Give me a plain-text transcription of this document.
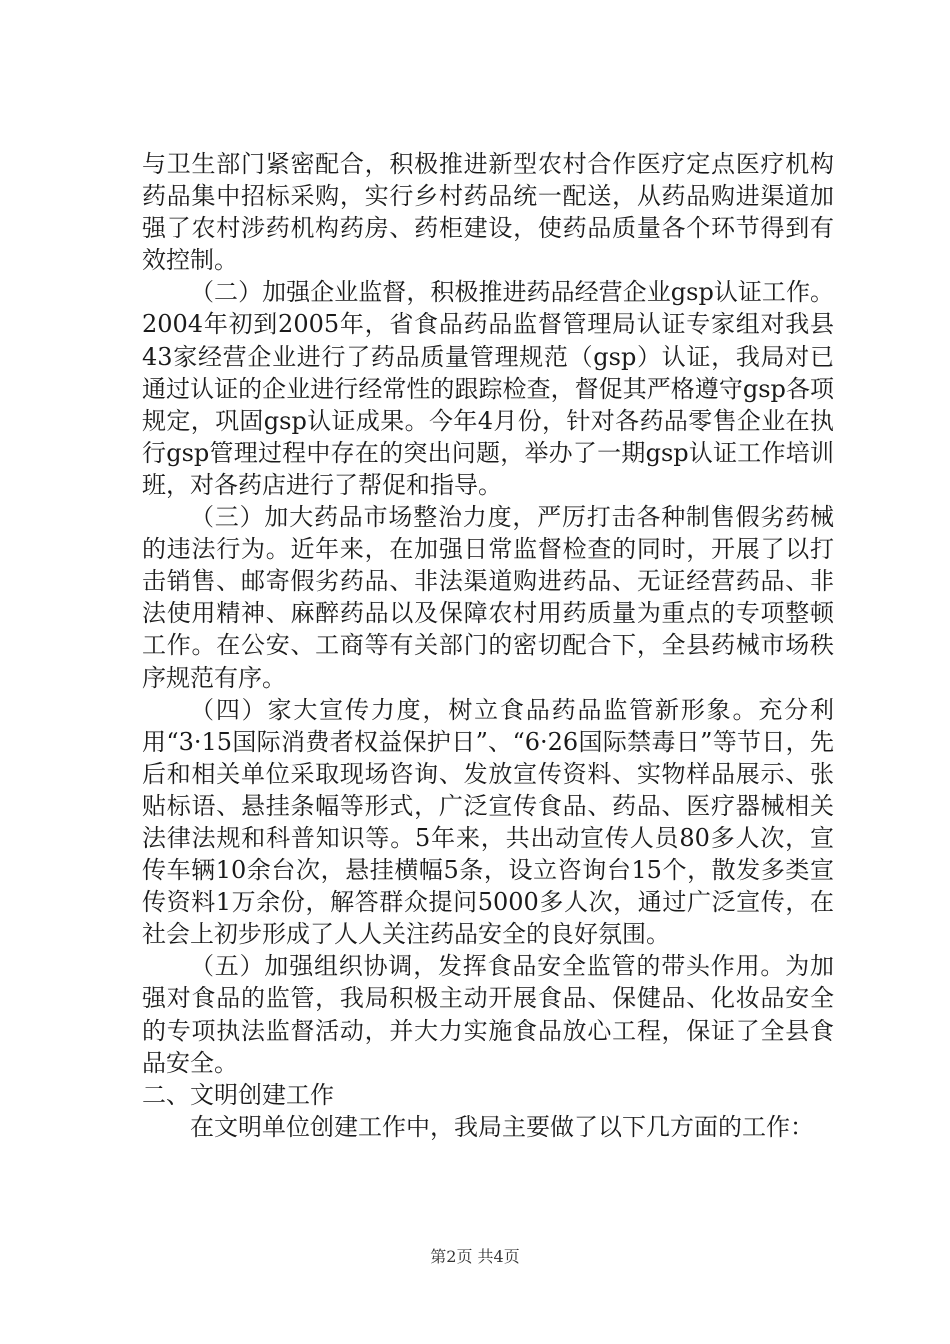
与卫生部门紧密配合，积极推进新型农村合作医疗定点医疗机构药品集中招标采购，实行乡村药品统一配送，从药品购进渠道加强了农村涉药机构药房、药柜建设，使药品质量各个环节得到有效控制。

（二）加强企业监督，积极推进药品经营企业gsp认证工作。2004年初到2005年，省食品药品监督管理局认证专家组对我县43家经营企业进行了药品质量管理规范（gsp）认证，我局对已通过认证的企业进行经常性的跟踪检查，督促其严格遵守gsp各项规定，巩固gsp认证成果。今年4月份，针对各药品零售企业在执行gsp管理过程中存在的突出问题，举办了一期gsp认证工作培训班，对各药店进行了帮促和指导。

（三）加大药品市场整治力度，严厉打击各种制售假劣药械的违法行为。近年来，在加强日常监督检查的同时，开展了以打击销售、邮寄假劣药品、非法渠道购进药品、无证经营药品、非法使用精神、麻醉药品以及保障农村用药质量为重点的专项整顿工作。在公安、工商等有关部门的密切配合下，全县药械市场秩序规范有序。

（四）家大宣传力度，树立食品药品监管新形象。充分利用“3·15国际消费者权益保护日”、“6·26国际禁毒日”等节日，先后和相关单位采取现场咨询、发放宣传资料、实物样品展示、张贴标语、悬挂条幅等形式，广泛宣传食品、药品、医疗器械相关法律法规和科普知识等。5年来，共出动宣传人员80多人次，宣传车辆10余台次，悬挂横幅5条，设立咨询台15个，散发多类宣传资料1万余份，解答群众提问5000多人次，通过广泛宣传，在社会上初步形成了人人关注药品安全的良好氛围。

（五）加强组织协调，发挥食品安全监管的带头作用。为加强对食品的监管，我局积极主动开展食品、保健品、化妆品安全的专项执法监督活动，并大力实施食品放心工程，保证了全县食品安全。

二、文明创建工作

在文明单位创建工作中，我局主要做了以下几方面的工作：

第2页 共4页
